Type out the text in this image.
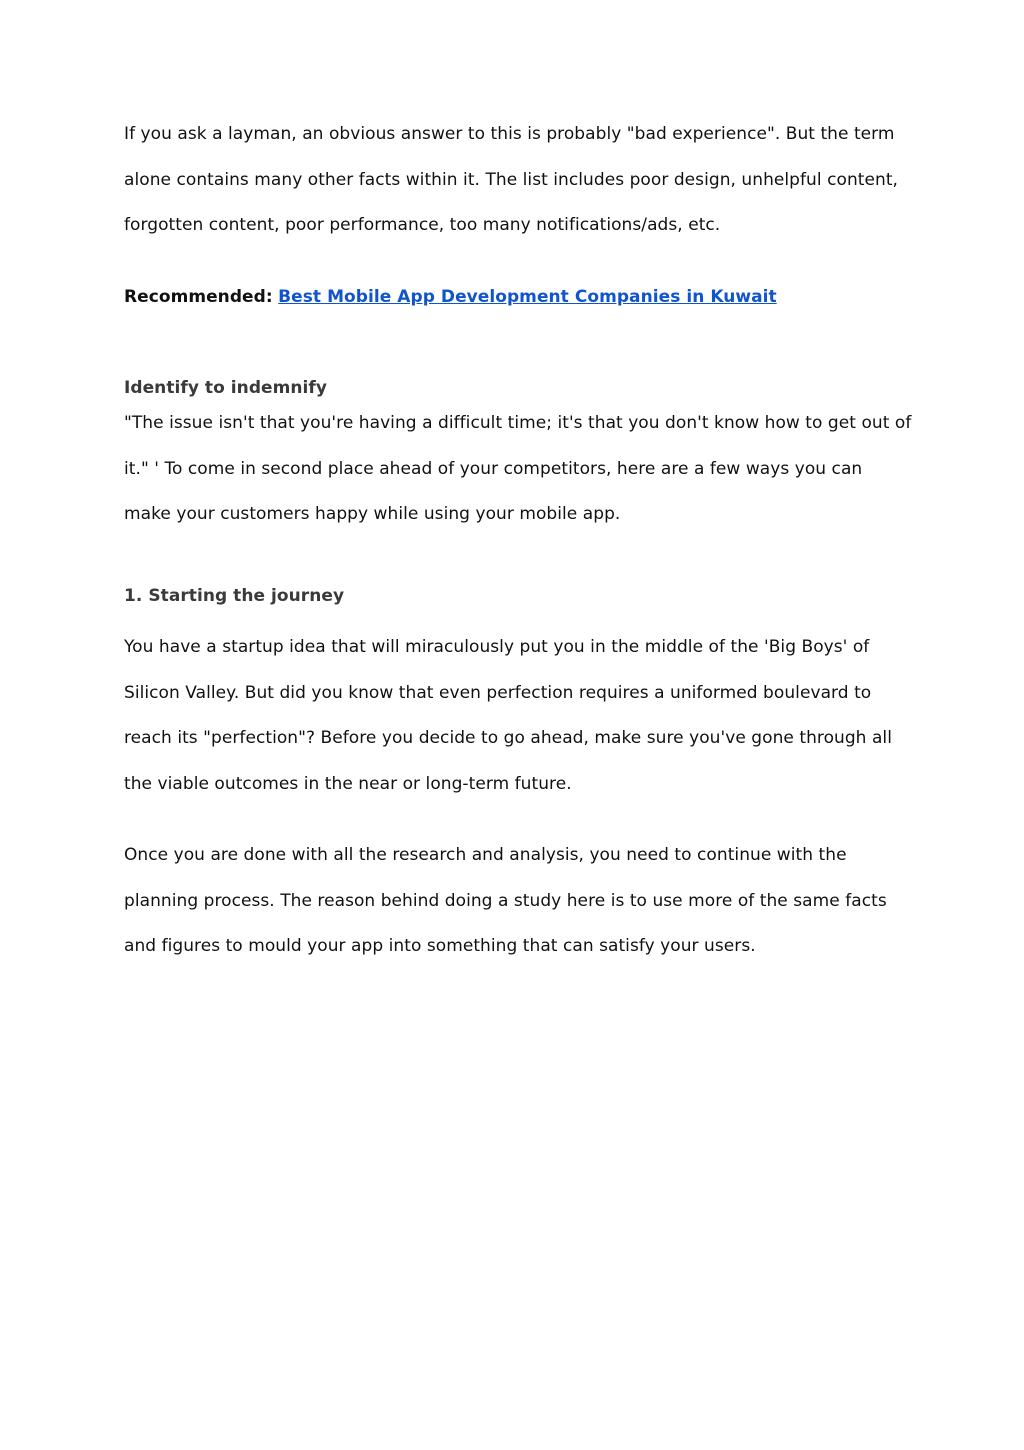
If you ask a layman, an obvious answer to this is probably "bad experience". But the term alone contains many other facts within it. The list includes poor design, unhelpful content, forgotten content, poor performance, too many notifications/ads, etc.

Recommended: Best Mobile App Development Companies in Kuwait

Identify to indemnify

"The issue isn't that you're having a difficult time; it's that you don't know how to get out of it." ' To come in second place ahead of your competitors, here are a few ways you can make your customers happy while using your mobile app.

1. Starting the journey

You have a startup idea that will miraculously put you in the middle of the 'Big Boys' of Silicon Valley. But did you know that even perfection requires a uniformed boulevard to reach its "perfection"? Before you decide to go ahead, make sure you've gone through all the viable outcomes in the near or long-term future.

Once you are done with all the research and analysis, you need to continue with the planning process. The reason behind doing a study here is to use more of the same facts and figures to mould your app into something that can satisfy your users.
